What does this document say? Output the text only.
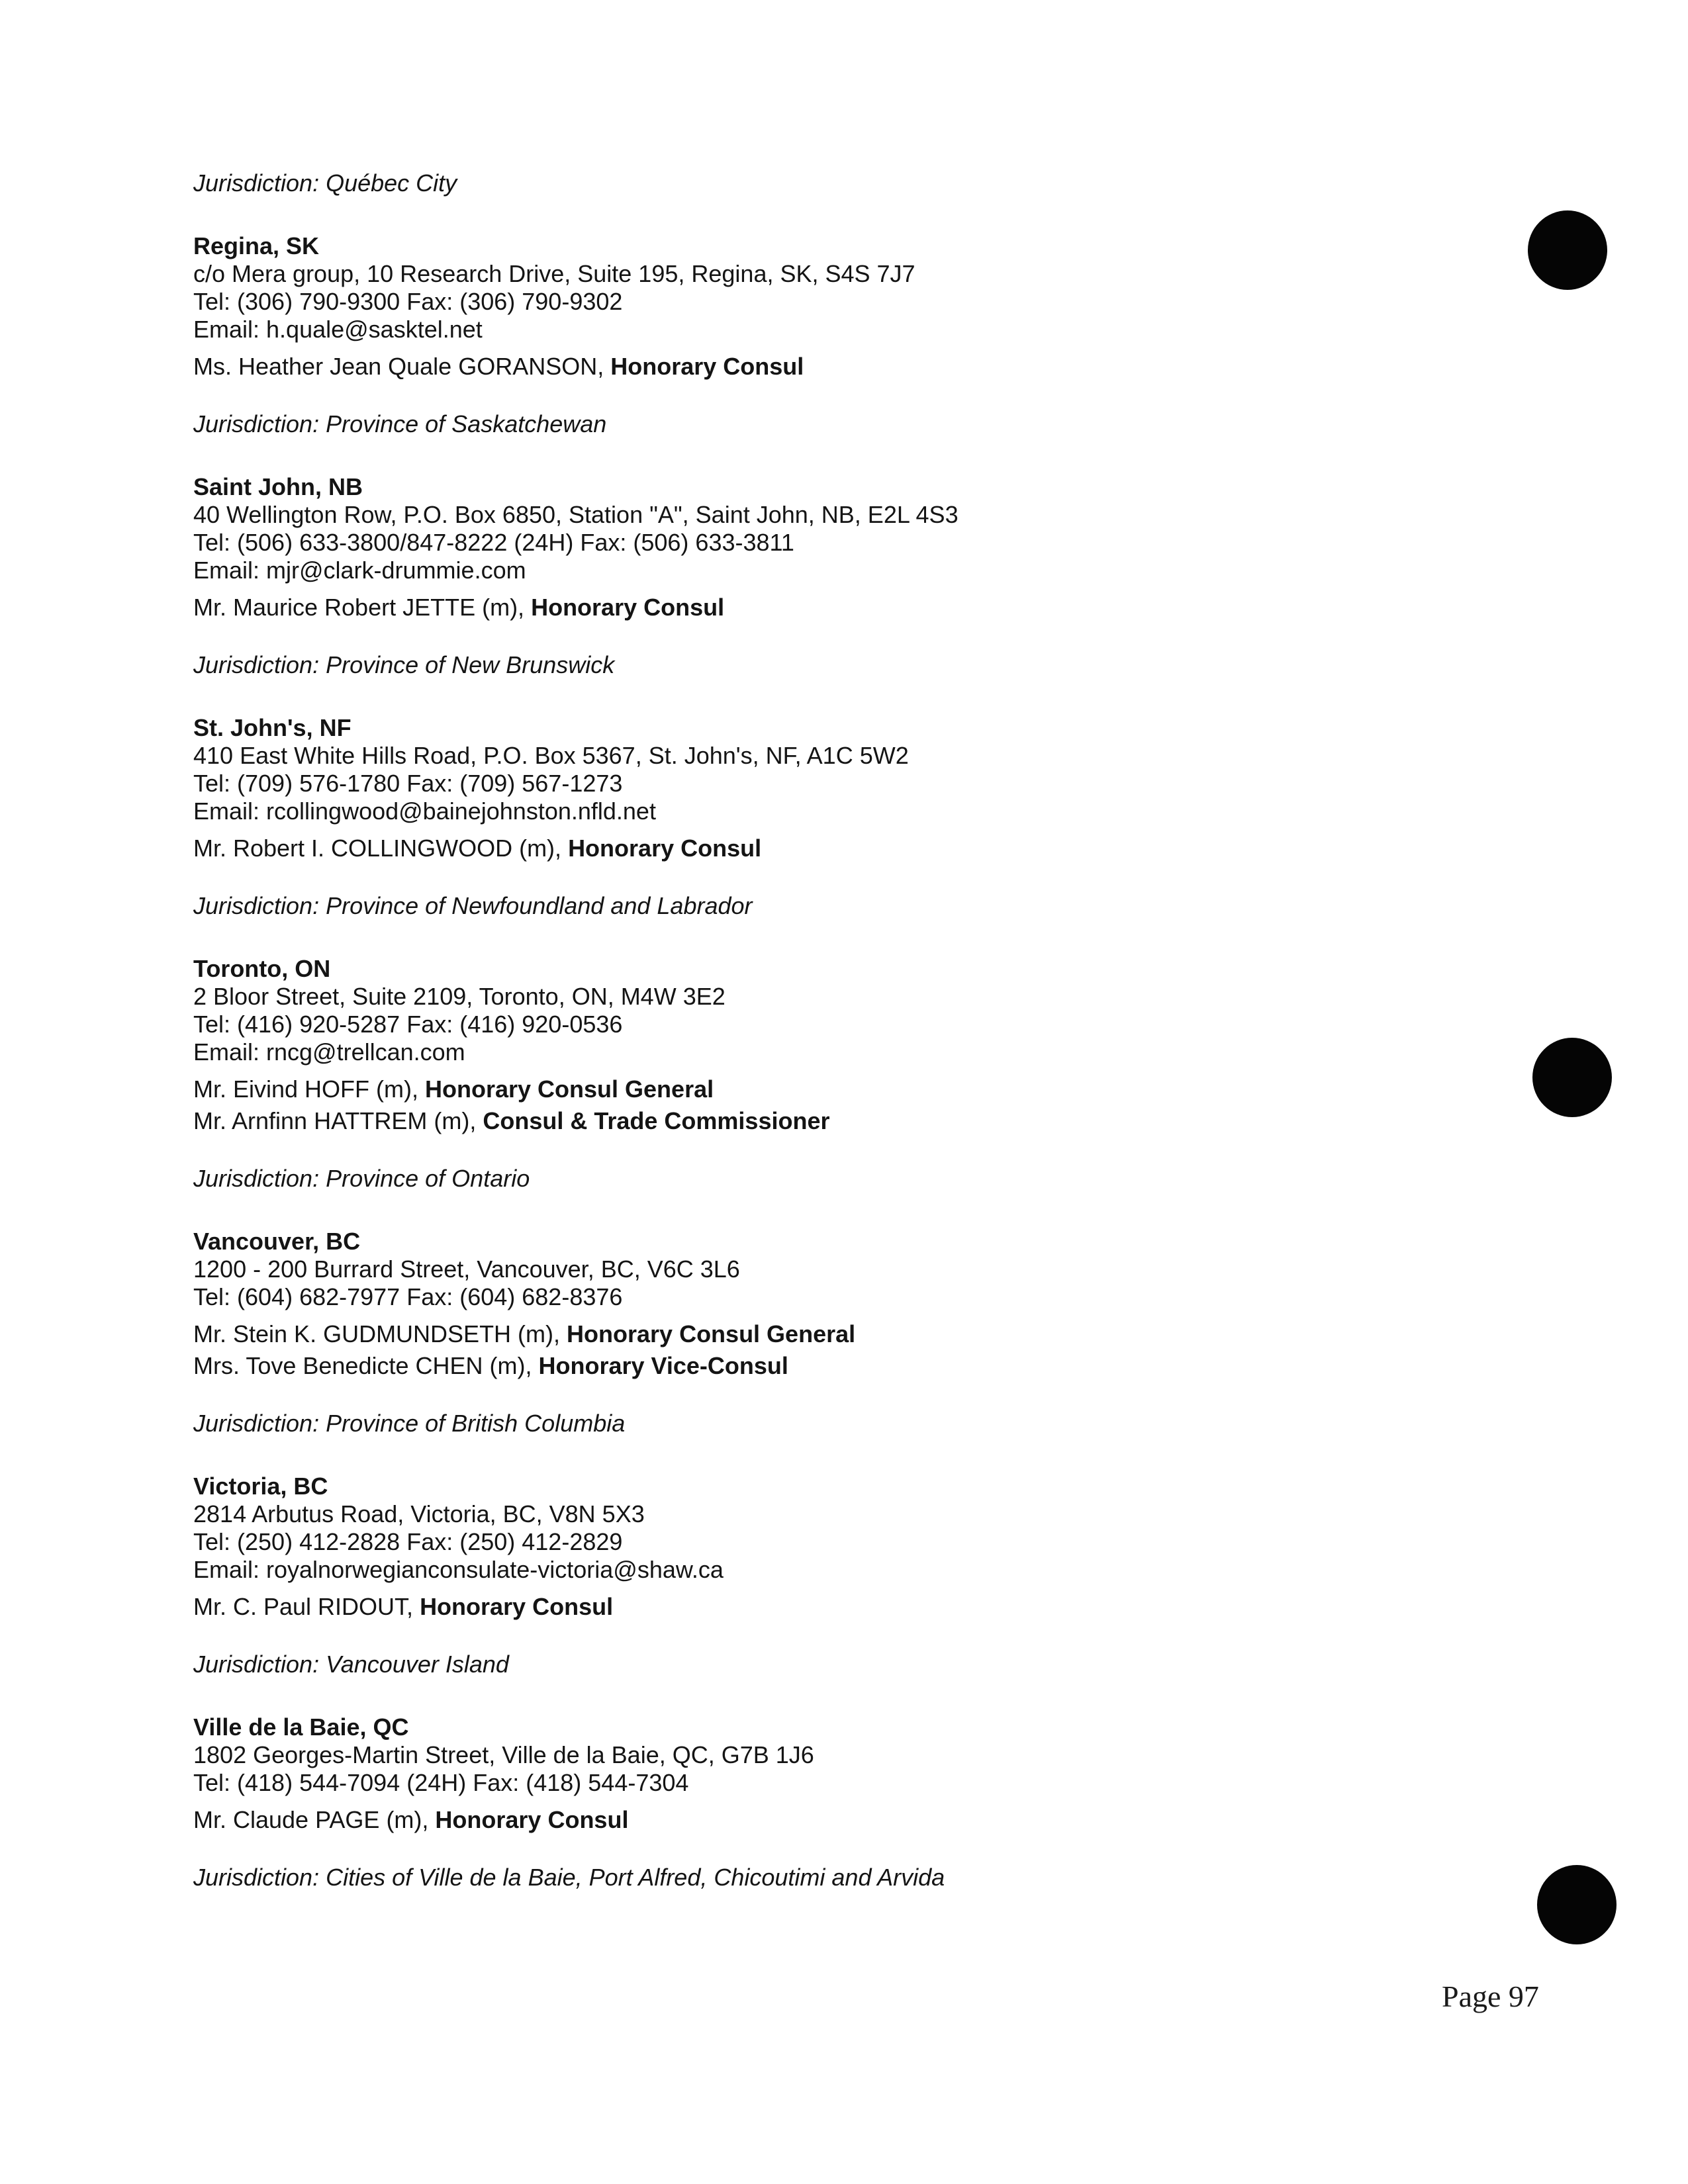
Jurisdiction: Québec City
Regina, SK
c/o Mera group, 10 Research Drive, Suite 195, Regina, SK, S4S 7J7
Tel: (306) 790-9300 Fax: (306) 790-9302
Email: h.quale@sasktel.net
Ms. Heather Jean Quale GORANSON, Honorary Consul
Jurisdiction: Province of Saskatchewan
Saint John, NB
40 Wellington Row, P.O. Box 6850, Station "A", Saint John, NB, E2L 4S3
Tel: (506) 633-3800/847-8222 (24H) Fax: (506) 633-3811
Email: mjr@clark-drummie.com
Mr. Maurice Robert JETTE (m), Honorary Consul
Jurisdiction: Province of New Brunswick
St. John's, NF
410 East White Hills Road, P.O. Box 5367, St. John's, NF, A1C 5W2
Tel: (709) 576-1780 Fax: (709) 567-1273
Email: rcollingwood@bainejohnston.nfld.net
Mr. Robert I. COLLINGWOOD (m), Honorary Consul
Jurisdiction: Province of Newfoundland and Labrador
Toronto, ON
2 Bloor Street, Suite 2109, Toronto, ON, M4W 3E2
Tel: (416) 920-5287 Fax: (416) 920-0536
Email: rncg@trellcan.com
Mr. Eivind HOFF (m), Honorary Consul General
Mr. Arnfinn HATTREM (m), Consul & Trade Commissioner
Jurisdiction: Province of Ontario
Vancouver, BC
1200 - 200 Burrard Street, Vancouver, BC, V6C 3L6
Tel: (604) 682-7977 Fax: (604) 682-8376
Mr. Stein K. GUDMUNDSETH (m), Honorary Consul General
Mrs. Tove Benedicte CHEN (m), Honorary Vice-Consul
Jurisdiction: Province of British Columbia
Victoria, BC
2814 Arbutus Road, Victoria, BC, V8N 5X3
Tel: (250) 412-2828 Fax: (250) 412-2829
Email: royalnorwegianconsulate-victoria@shaw.ca
Mr. C. Paul RIDOUT, Honorary Consul
Jurisdiction: Vancouver Island
Ville de la Baie, QC
1802 Georges-Martin Street, Ville de la Baie, QC, G7B 1J6
Tel: (418) 544-7094 (24H) Fax: (418) 544-7304
Mr. Claude PAGE (m), Honorary Consul
Jurisdiction: Cities of Ville de la Baie, Port Alfred, Chicoutimi and Arvida
Page 97
